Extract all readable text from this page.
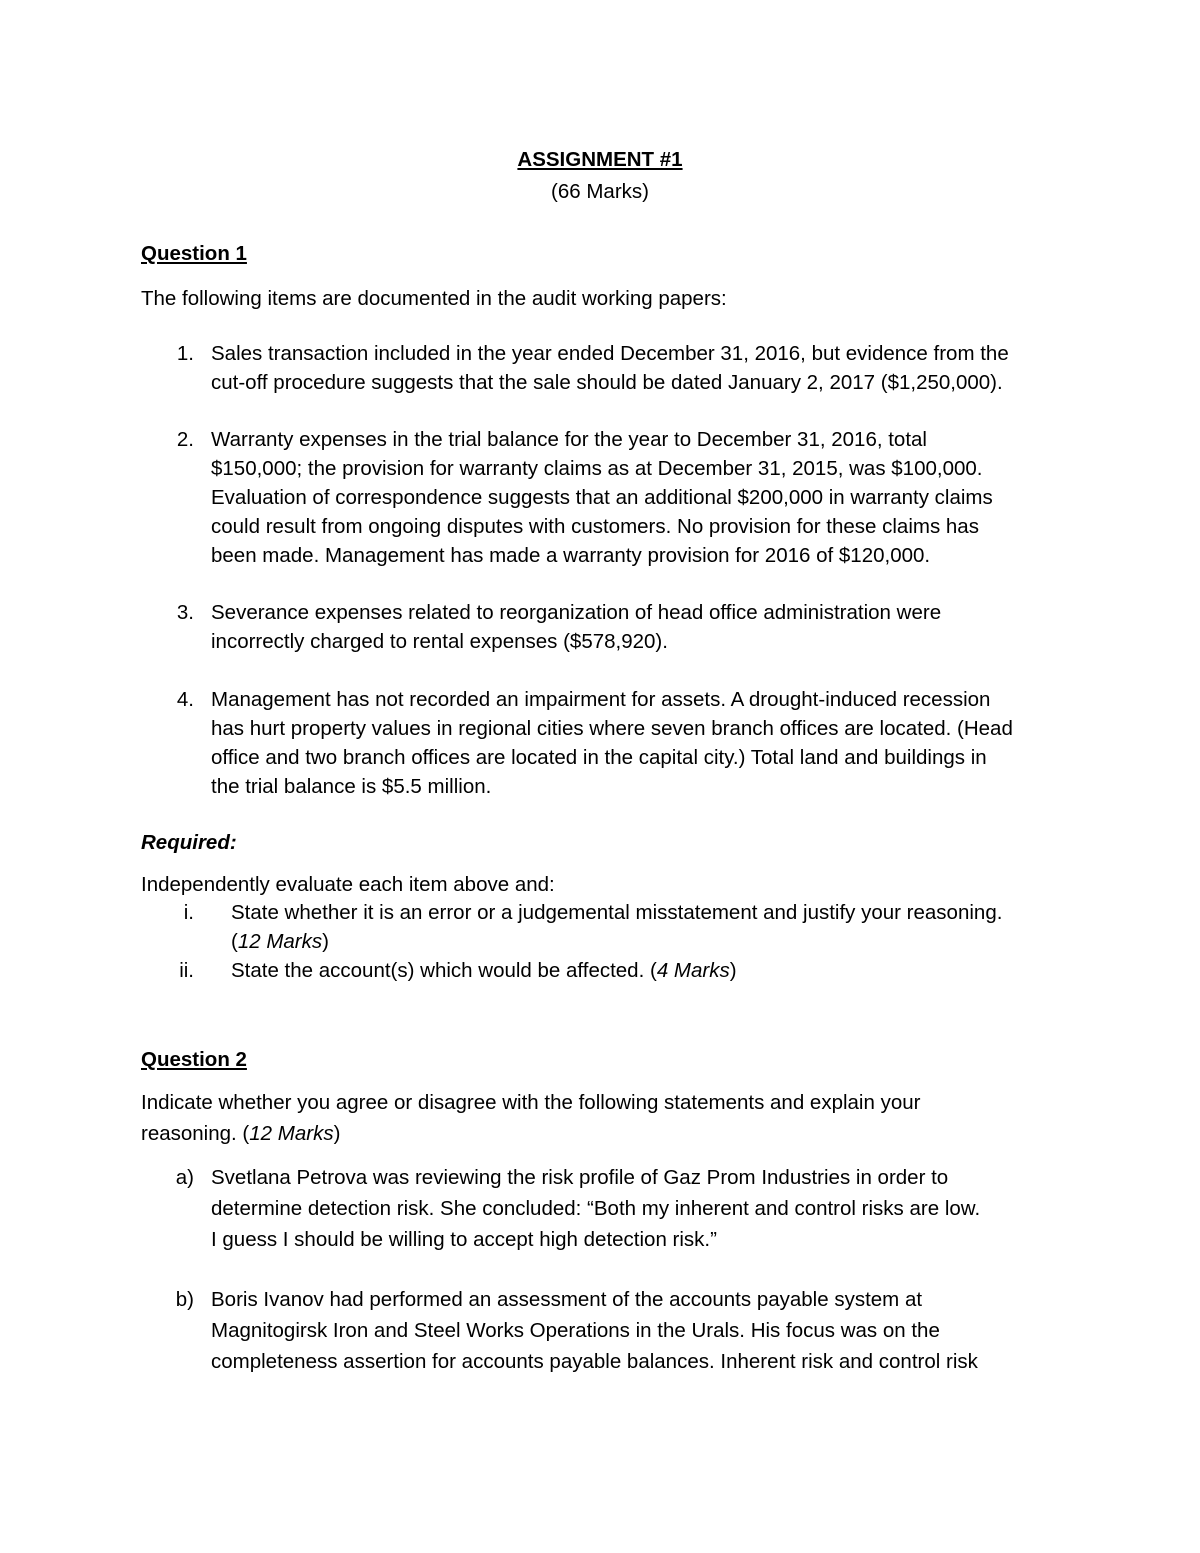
ASSIGNMENT #1
(66 Marks)
Question 1
The following items are documented in the audit working papers:
1. Sales transaction included in the year ended December 31, 2016, but evidence from the
cut-off procedure suggests that the sale should be dated January 2, 2017 ($1,250,000).
2. Warranty expenses in the trial balance for the year to December 31, 2016, total
$150,000; the provision for warranty claims as at December 31, 2015, was $100,000.
Evaluation of correspondence suggests that an additional $200,000 in warranty claims
could result from ongoing disputes with customers. No provision for these claims has
been made. Management has made a warranty provision for 2016 of $120,000.
3. Severance expenses related to reorganization of head office administration were
incorrectly charged to rental expenses ($578,920).
4. Management has not recorded an impairment for assets. A drought-induced recession
has hurt property values in regional cities where seven branch offices are located. (Head
office and two branch offices are located in the capital city.) Total land and buildings in
the trial balance is $5.5 million.
Required:
Independently evaluate each item above and:
i. State whether it is an error or a judgemental misstatement and justify your reasoning.
(12 Marks)
ii. State the account(s) which would be affected. (4 Marks)
Question 2
Indicate whether you agree or disagree with the following statements and explain your
reasoning. (12 Marks)
a) Svetlana Petrova was reviewing the risk profile of Gaz Prom Industries in order to
determine detection risk. She concluded: “Both my inherent and control risks are low.
I guess I should be willing to accept high detection risk.”
b) Boris Ivanov had performed an assessment of the accounts payable system at
Magnitogirsk Iron and Steel Works Operations in the Urals. His focus was on the
completeness assertion for accounts payable balances. Inherent risk and control risk
